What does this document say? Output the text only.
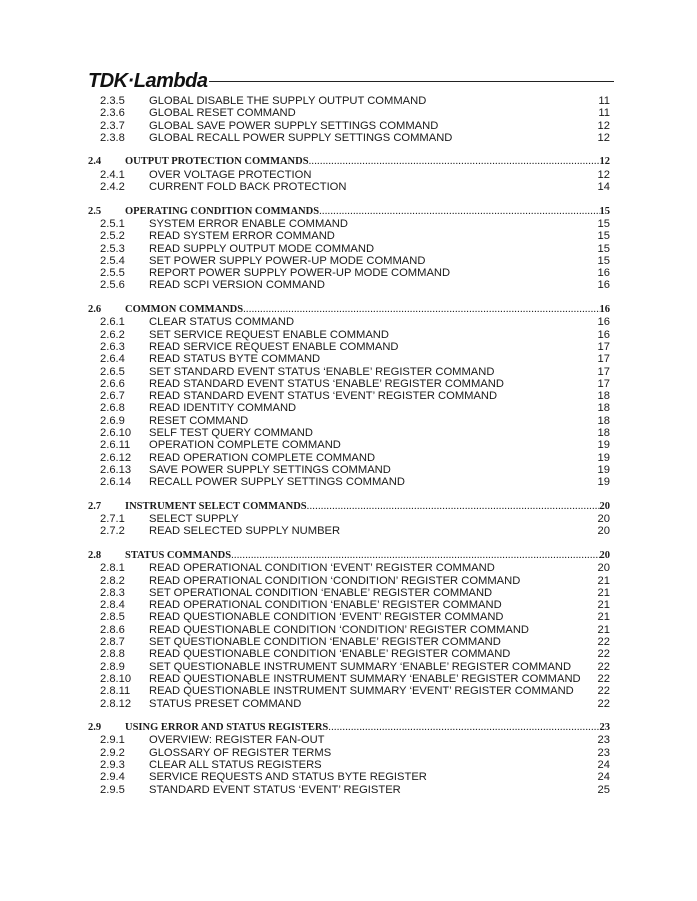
TDK·Lambda
2.3.5	GLOBAL DISABLE THE SUPPLY OUTPUT COMMAND	11
2.3.6	GLOBAL RESET COMMAND	11
2.3.7	GLOBAL SAVE POWER SUPPLY SETTINGS COMMAND	12
2.3.8	GLOBAL RECALL POWER SUPPLY SETTINGS COMMAND	12
2.4	OUTPUT PROTECTION COMMANDS .....	12
2.4.1	OVER VOLTAGE PROTECTION	12
2.4.2	CURRENT FOLD BACK PROTECTION	14
2.5	OPERATING CONDITION COMMANDS .....	15
2.5.1	SYSTEM ERROR ENABLE COMMAND	15
2.5.2	READ SYSTEM ERROR COMMAND	15
2.5.3	READ SUPPLY OUTPUT MODE COMMAND	15
2.5.4	SET POWER SUPPLY POWER-UP MODE COMMAND	15
2.5.5	REPORT POWER SUPPLY POWER-UP MODE COMMAND	16
2.5.6	READ SCPI VERSION COMMAND	16
2.6	COMMON COMMANDS .....	16
2.6.1	CLEAR STATUS COMMAND	16
2.6.2	SET SERVICE REQUEST ENABLE COMMAND	16
2.6.3	READ SERVICE REQUEST ENABLE COMMAND	17
2.6.4	READ STATUS BYTE COMMAND	17
2.6.5	SET STANDARD EVENT STATUS ‘ENABLE’ REGISTER COMMAND	17
2.6.6	READ STANDARD EVENT STATUS ‘ENABLE’ REGISTER COMMAND	17
2.6.7	READ STANDARD EVENT STATUS ‘EVENT’ REGISTER COMMAND	18
2.6.8	READ IDENTITY COMMAND	18
2.6.9	RESET COMMAND	18
2.6.10	SELF TEST QUERY COMMAND	18
2.6.11	OPERATION COMPLETE COMMAND	19
2.6.12	READ OPERATION COMPLETE COMMAND	19
2.6.13	SAVE POWER SUPPLY SETTINGS COMMAND	19
2.6.14	RECALL POWER SUPPLY SETTINGS COMMAND	19
2.7	INSTRUMENT SELECT COMMANDS .....	20
2.7.1	SELECT SUPPLY	20
2.7.2	READ SELECTED SUPPLY NUMBER	20
2.8	STATUS COMMANDS .....	20
2.8.1	READ OPERATIONAL CONDITION ‘EVENT’ REGISTER COMMAND	20
2.8.2	READ OPERATIONAL CONDITION ‘CONDITION’ REGISTER COMMAND	21
2.8.3	SET OPERATIONAL CONDITION ‘ENABLE’ REGISTER COMMAND	21
2.8.4	READ OPERATIONAL CONDITION ‘ENABLE’ REGISTER COMMAND	21
2.8.5	READ QUESTIONABLE CONDITION ‘EVENT’ REGISTER COMMAND	21
2.8.6	READ QUESTIONABLE CONDITION ‘CONDITION’ REGISTER COMMAND	21
2.8.7	SET QUESTIONABLE CONDITION ‘ENABLE’ REGISTER COMMAND	22
2.8.8	READ QUESTIONABLE CONDITION ‘ENABLE’ REGISTER COMMAND	22
2.8.9	SET QUESTIONABLE INSTRUMENT SUMMARY ‘ENABLE’ REGISTER COMMAND	22
2.8.10	READ QUESTIONABLE INSTRUMENT SUMMARY ‘ENABLE’ REGISTER COMMAND	22
2.8.11	READ QUESTIONABLE INSTRUMENT SUMMARY ‘EVENT’ REGISTER COMMAND	22
2.8.12	STATUS PRESET COMMAND	22
2.9	USING ERROR AND STATUS REGISTERS .....	23
2.9.1	OVERVIEW: REGISTER FAN-OUT	23
2.9.2	GLOSSARY OF REGISTER TERMS	23
2.9.3	CLEAR ALL STATUS REGISTERS	24
2.9.4	SERVICE REQUESTS AND STATUS BYTE REGISTER	24
2.9.5	STANDARD EVENT STATUS ‘EVENT’ REGISTER	25
